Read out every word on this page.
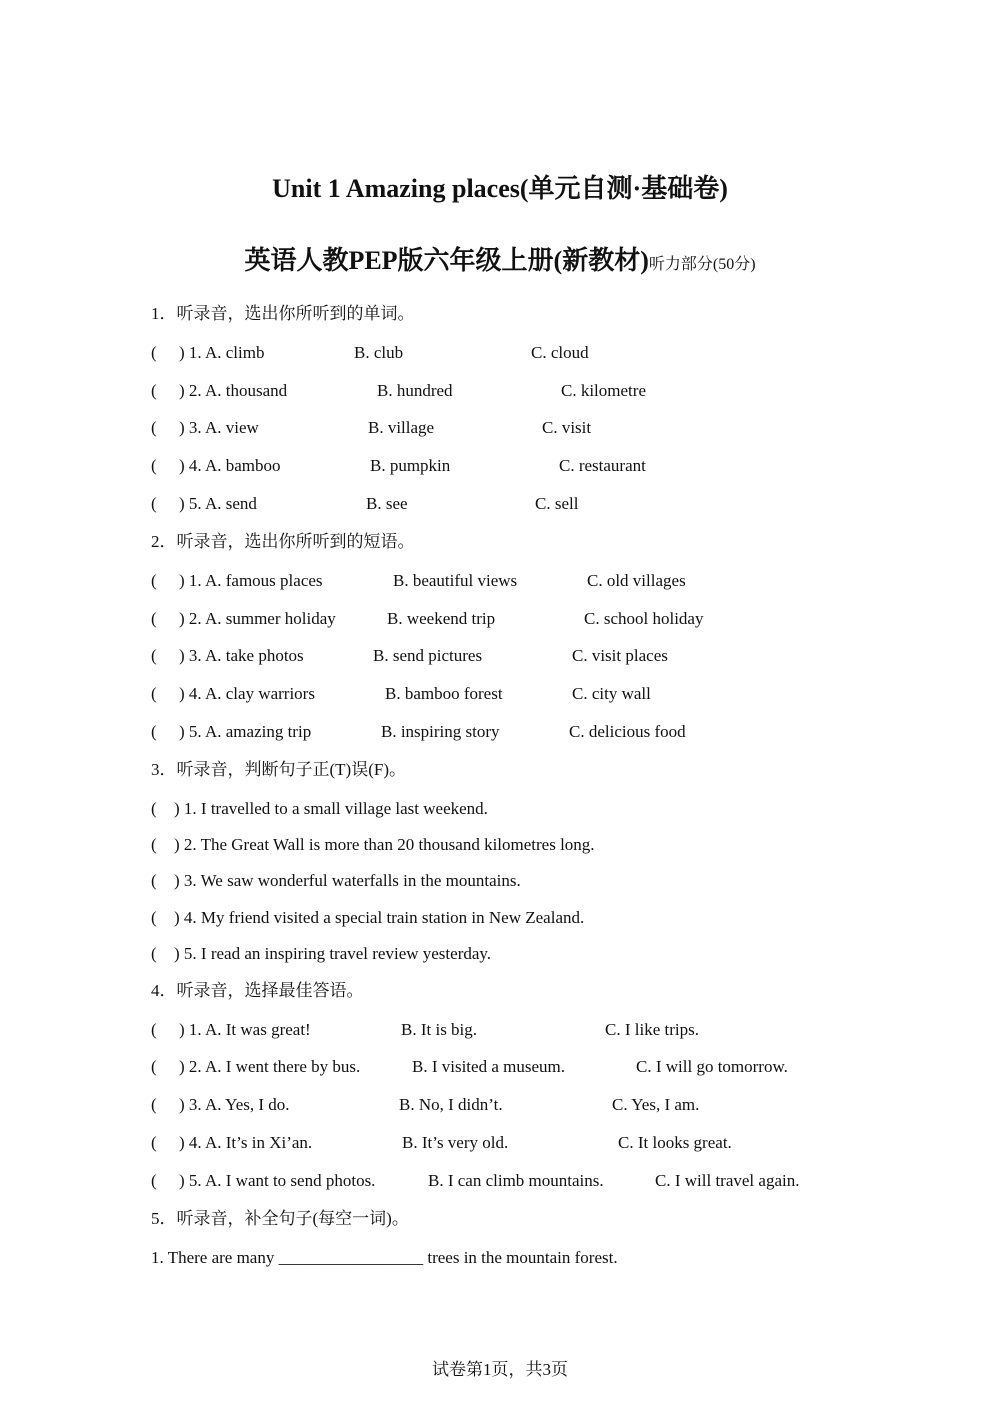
Unit 1 Amazing places(单元自测·基础卷)
英语人教PEP版六年级上册(新教材)听力部分(50分)
1．听录音，选出你所听到的单词。
( ) 1. A. climb	B. club	C. cloud
( ) 2. A. thousand	B. hundred	C. kilometre
( ) 3. A. view	B. village	C. visit
( ) 4. A. bamboo	B. pumpkin	C. restaurant
( ) 5. A. send	B. see	C. sell
2．听录音，选出你所听到的短语。
( ) 1. A. famous places	B. beautiful views	C. old villages
( ) 2. A. summer holiday	B. weekend trip	C. school holiday
( ) 3. A. take photos	B. send pictures	C. visit places
( ) 4. A. clay warriors	B. bamboo forest	C. city wall
( ) 5. A. amazing trip	B. inspiring story	C. delicious food
3．听录音，判断句子正(T)误(F)。
( ) 1. I travelled to a small village last weekend.
( ) 2. The Great Wall is more than 20 thousand kilometres long.
( ) 3. We saw wonderful waterfalls in the mountains.
( ) 4. My friend visited a special train station in New Zealand.
( ) 5. I read an inspiring travel review yesterday.
4．听录音，选择最佳答语。
( ) 1. A. It was great!	B. It is big.	C. I like trips.
( ) 2. A. I went there by bus.	B. I visited a museum.	C. I will go tomorrow.
( ) 3. A. Yes, I do.	B. No, I didn’t.	C. Yes, I am.
( ) 4. A. It’s in Xi’an.	B. It’s very old.	C. It looks great.
( ) 5. A. I want to send photos.	B. I can climb mountains.	C. I will travel again.
5．听录音，补全句子(每空一词)。
1. There are many _________________ trees in the mountain forest.
试卷第1页，共3页
